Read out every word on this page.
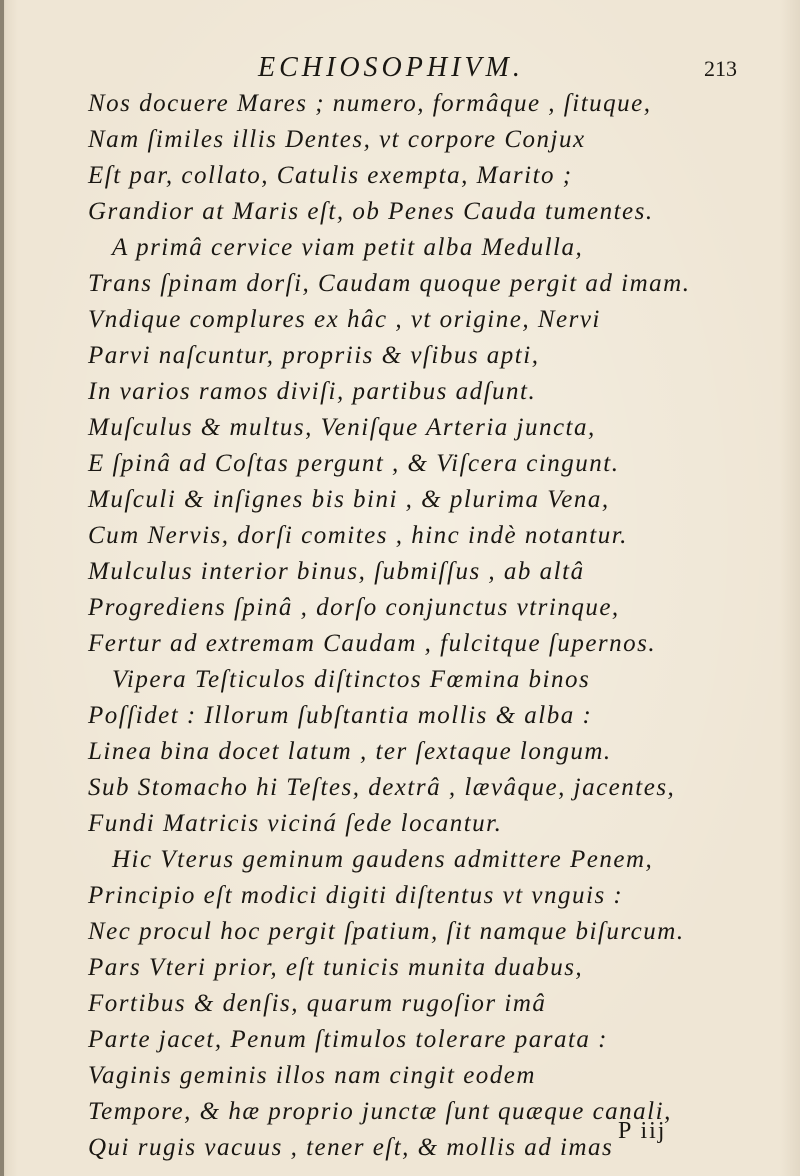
ECHIOSOPHIVM.	213
Nos docuere Mares ; numero, formâque , ſituque,
Nam ſimiles illis Dentes, vt corpore Conjux
Eſt par, collato, Catulis exempta, Marito ;
Grandior at Maris eſt, ob Penes Cauda tumentes.
A primâ cervice viam petit alba Medulla,
Trans ſpinam dorſi, Caudam quoque pergit ad imam.
Vndique complures ex hâc , vt origine, Nervi
Parvi naſcuntur, propriis & vſibus apti,
In varios ramos diviſi, partibus adſunt.
Muſculus & multus, Veniſque Arteria juncta,
E ſpinâ ad Coſtas pergunt , & Viſcera cingunt.
Muſculi & inſignes bis bini , & plurima Vena,
Cum Nervis, dorſi comites , hinc indè notantur.
Mulculus interior binus, ſubmiſſus , ab altâ
Progrediens ſpinâ , dorſo conjunctus vtrinque,
Fertur ad extremam Caudam , fulcitque ſupernos.
Vipera Teſticulos diſtinctos Fœmina binos
Poſſidet : Illorum ſubſtantia mollis & alba :
Linea bina docet latum , ter ſextaque longum.
Sub Stomacho hi Teſtes, dextrâ , lævâque, jacentes,
Fundi Matricis viciná ſede locantur.
Hic Vterus geminum gaudens admittere Penem,
Principio eſt modici digiti diſtentus vt vnguis :
Nec procul hoc pergit ſpatium, ſit namque biſurcum.
Pars Vteri prior, eſt tunicis munita duabus,
Fortibus & denſis, quarum rugoſior imâ
Parte jacet, Penum ſtimulos tolerare parata :
Vaginis geminis illos nam cingit eodem
Tempore, & hæ proprio junctæ ſunt quæque canali,
Qui rugis vacuus , tener eſt, & mollis ad imas
P iij
